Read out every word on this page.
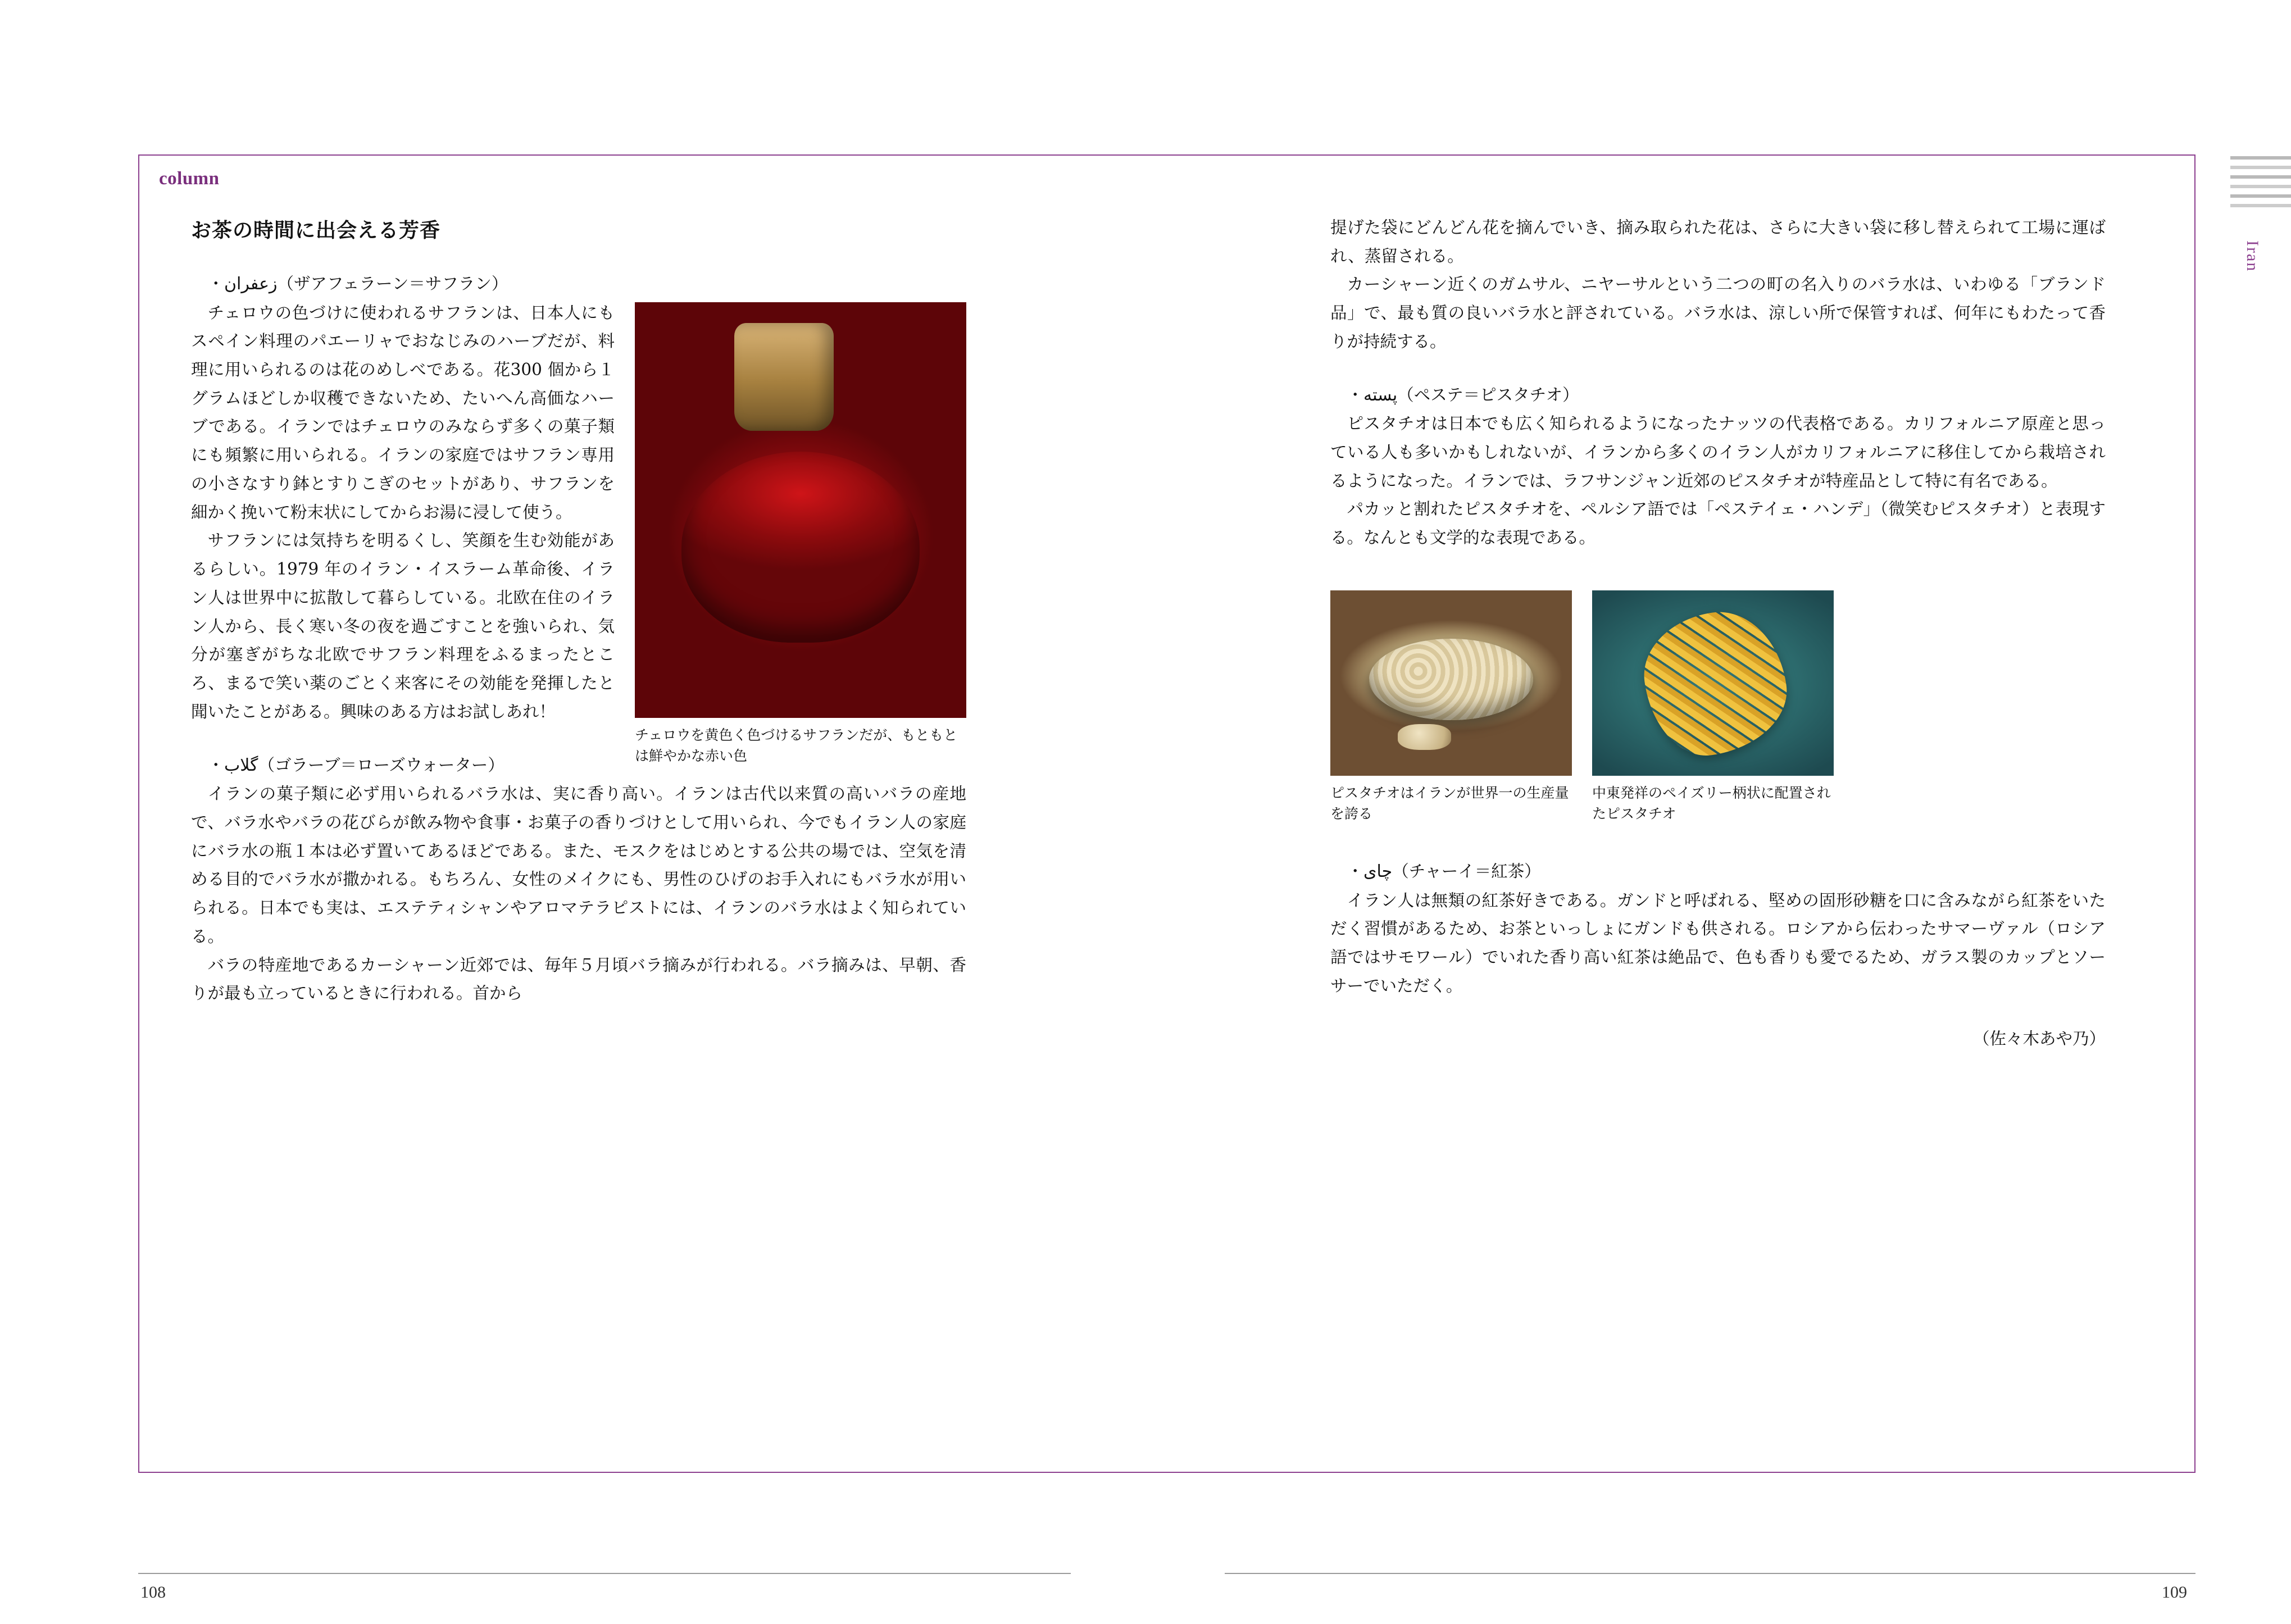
column
Iran
お茶の時間に出会える芳香

・زعفران（ザアフェラーン＝サフラン）

チェロウを黄色く色づけるサフランだが、もともとは鮮やかな赤い色

チェロウの色づけに使われるサフランは、日本人にもスペイン料理のパエーリャでおなじみのハーブだが、料理に用いられるのは花のめしべである。花300 個から１グラムほどしか収穫できないため、たいへん高価なハーブである。イランではチェロウのみならず多くの菓子類にも頻繁に用いられる。イランの家庭ではサフラン専用の小さなすり鉢とすりこぎのセットがあり、サフランを細かく挽いて粉末状にしてからお湯に浸して使う。

サフランには気持ちを明るくし、笑顔を生む効能があるらしい。1979 年のイラン・イスラーム革命後、イラン人は世界中に拡散して暮らしている。北欧在住のイラン人から、長く寒い冬の夜を過ごすことを強いられ、気分が塞ぎがちな北欧でサフラン料理をふるまったところ、まるで笑い薬のごとく来客にその効能を発揮したと聞いたことがある。興味のある方はお試しあれ！

・گلاب（ゴラーブ＝ローズウォーター）

イランの菓子類に必ず用いられるバラ水は、実に香り高い。イランは古代以来質の高いバラの産地で、バラ水やバラの花びらが飲み物や食事・お菓子の香りづけとして用いられ、今でもイラン人の家庭にバラ水の瓶１本は必ず置いてあるほどである。また、モスクをはじめとする公共の場では、空気を清める目的でバラ水が撒かれる。もちろん、女性のメイクにも、男性のひげのお手入れにもバラ水が用いられる。日本でも実は、エステティシャンやアロマテラピストには、イランのバラ水はよく知られている。

バラの特産地であるカーシャーン近郊では、毎年５月頃バラ摘みが行われる。バラ摘みは、早朝、香りが最も立っているときに行われる。首から

提げた袋にどんどん花を摘んでいき、摘み取られた花は、さらに大きい袋に移し替えられて工場に運ばれ、蒸留される。

カーシャーン近くのガムサル、ニヤーサルという二つの町の名入りのバラ水は、いわゆる「ブランド品」で、最も質の良いバラ水と評されている。バラ水は、涼しい所で保管すれば、何年にもわたって香りが持続する。

・پسته（ペステ＝ピスタチオ）

ピスタチオは日本でも広く知られるようになったナッツの代表格である。カリフォルニア原産と思っている人も多いかもしれないが、イランから多くのイラン人がカリフォルニアに移住してから栽培されるようになった。イランでは、ラフサンジャン近郊のピスタチオが特産品として特に有名である。

パカッと割れたピスタチオを、ペルシア語では「ペステイェ・ハンデ」（微笑むピスタチオ）と表現する。なんとも文学的な表現である。

ピスタチオはイランが世界一の生産量を誇る
中東発祥のペイズリー柄状に配置されたピスタチオ

・چای（チャーイ＝紅茶）

イラン人は無類の紅茶好きである。ガンドと呼ばれる、堅めの固形砂糖を口に含みながら紅茶をいただく習慣があるため、お茶といっしょにガンドも供される。ロシアから伝わったサマーヴァル（ロシア語ではサモワール）でいれた香り高い紅茶は絶品で、色も香りも愛でるため、ガラス製のカップとソーサーでいただく。

（佐々木あや乃）

108	109
